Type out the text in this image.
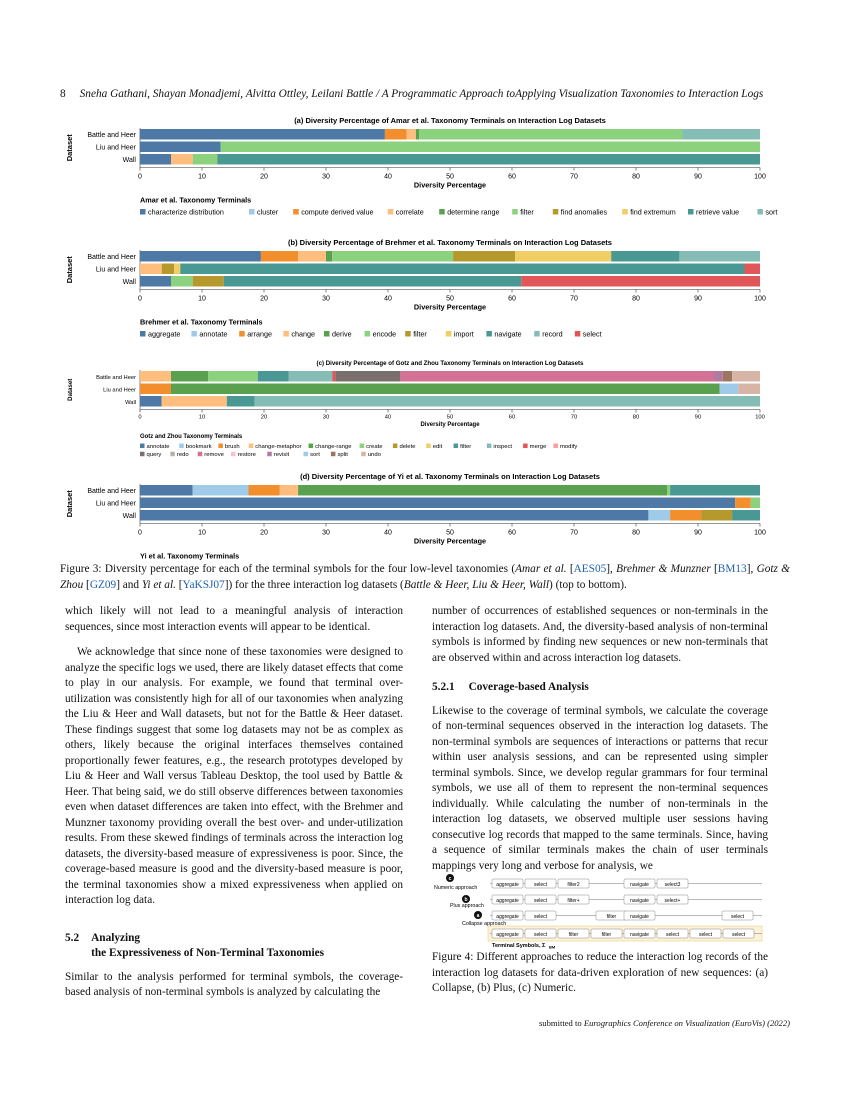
8 Sneha Gathani, Shayan Monadjemi, Alvitta Ottley, Leilani Battle / A Programmatic Approach toApplying Visualization Taxonomies to Interaction Logs
(a) Diversity Percentage of Amar et al. Taxonomy Terminals on Interaction Log Datasets
Dataset Battle and Heer
Liu and Heer
Wall
0	10	20	30	40	50	60	70	80	90	100
Diversity Percentage
Amar et al. Taxonomy Terminals
characterize distribution	cluster	compute derived value	correlate	determine range	filter	find anomalies	find extremum	retrieve value	sort
(b) Diversity Percentage of Brehmer et al. Taxonomy Terminals on Interaction Log Datasets
Dataset Battle and Heer
Liu and Heer
Wall
0	10	20	30	40	50	60	70	80	90	100
Diversity Percentage
Brehmer et al. Taxonomy Terminals
aggregate	annotate	arrange	change derive	encode filter	import	navigate	record	select
(c) Diversity Percentage of Gotz and Zhou Taxonomy Terminals on Interaction Log Datasets
Dataset
Battle and Heer
Liu and Heer
Wall
0	10	20	30	40	50	60	70	80	90	100
Diversity Percentage
Gotz and Zhou Taxonomy Terminals
annotate	bookmark brush	change-metaphor change-range create	delete	edit	filter	inspect	merge modify
query	redo	remove restore	revisit	sort	split	undo
(d) Diversity Percentage of Yi et al. Taxonomy Terminals on Interaction Log Datasets
Dataset Battle and Heer
Liu and Heer
Wall
0	10	20	30	40	50	60	70	80	90	100
Diversity Percentage
Yi et al. Taxonomy Terminals
Figure 3: Diversity percentage for each of the terminal symbols for the four low-level taxonomies (Amar et al. [AES05], Brehmer & Munzner [BM13], Gotz & Zhou [GZ09] and Yi et al. [YaKSJ07]) for the three interaction log datasets (Battle & Heer, Liu & Heer, Wall) (top to bottom).

which likely will not lead to a meaningful analysis of interaction sequences, since most interaction events will appear to be identical.

We acknowledge that since none of these taxonomies were designed to analyze the specific logs we used, there are likely dataset effects that come to play in our analysis. For example, we found that terminal over-utilization was consistently high for all of our taxonomies when analyzing the Liu & Heer and Wall datasets, but not for the Battle & Heer dataset. These findings suggest that some log datasets may not be as complex as others, likely because the original interfaces themselves contained proportionally fewer features, e.g., the research prototypes developed by Liu & Heer and Wall versus Tableau Desktop, the tool used by Battle & Heer. That being said, we do still observe differences between taxonomies even when dataset differences are taken into effect, with the Brehmer and Munzner taxonomy providing overall the best over- and under-utilization results. From these skewed findings of terminals across the interaction log datasets, the diversity-based measure of expressiveness is poor. Since, the coverage-based measure is good and the diversity-based measure is poor, the terminal taxonomies show a mixed expressiveness when applied on interaction log data.

5.2 Analyzing
the Expressiveness of Non-Terminal Taxonomies

Similar to the analysis performed for terminal symbols, the coverage-based analysis of non-terminal symbols is analyzed by calculating the

number of occurrences of established sequences or non-terminals in the interaction log datasets. And, the diversity-based analysis of non-terminal symbols is informed by finding new sequences or new non-terminals that are observed within and across interaction log datasets.

5.2.1 Coverage-based Analysis

Likewise to the coverage of terminal symbols, we calculate the coverage of non-terminal sequences observed in the interaction log datasets. The non-terminal symbols are sequences of interactions or patterns that recur within user analysis sessions, and can be represented using simpler terminal symbols. Since, we develop regular grammars for four terminal symbols, we use all of them to represent the non-terminal sequences individually. While calculating the number of non-terminals in the interaction log datasets, we observed multiple user sessions having consecutive log records that mapped to the same terminals. Since, having a sequence of similar terminals makes the chain of user terminals mappings very long and verbose for analysis, we

aggregate	select	filter2	navigate	select3
aggregate	select	filter+	navigate	select+
aggregate	select	filter	navigate	select
aggregate	select	filter	filter	navigate	select	select	select
Numeric approach
Plus approach
Collapse approach
c
b
a
Terminal Symbols, Σ BM
Figure 4: Different approaches to reduce the interaction log records of the interaction log datasets for data-driven exploration of new sequences: (a) Collapse, (b) Plus, (c) Numeric.
submitted to Eurographics Conference on Visualization (EuroVis) (2022)
